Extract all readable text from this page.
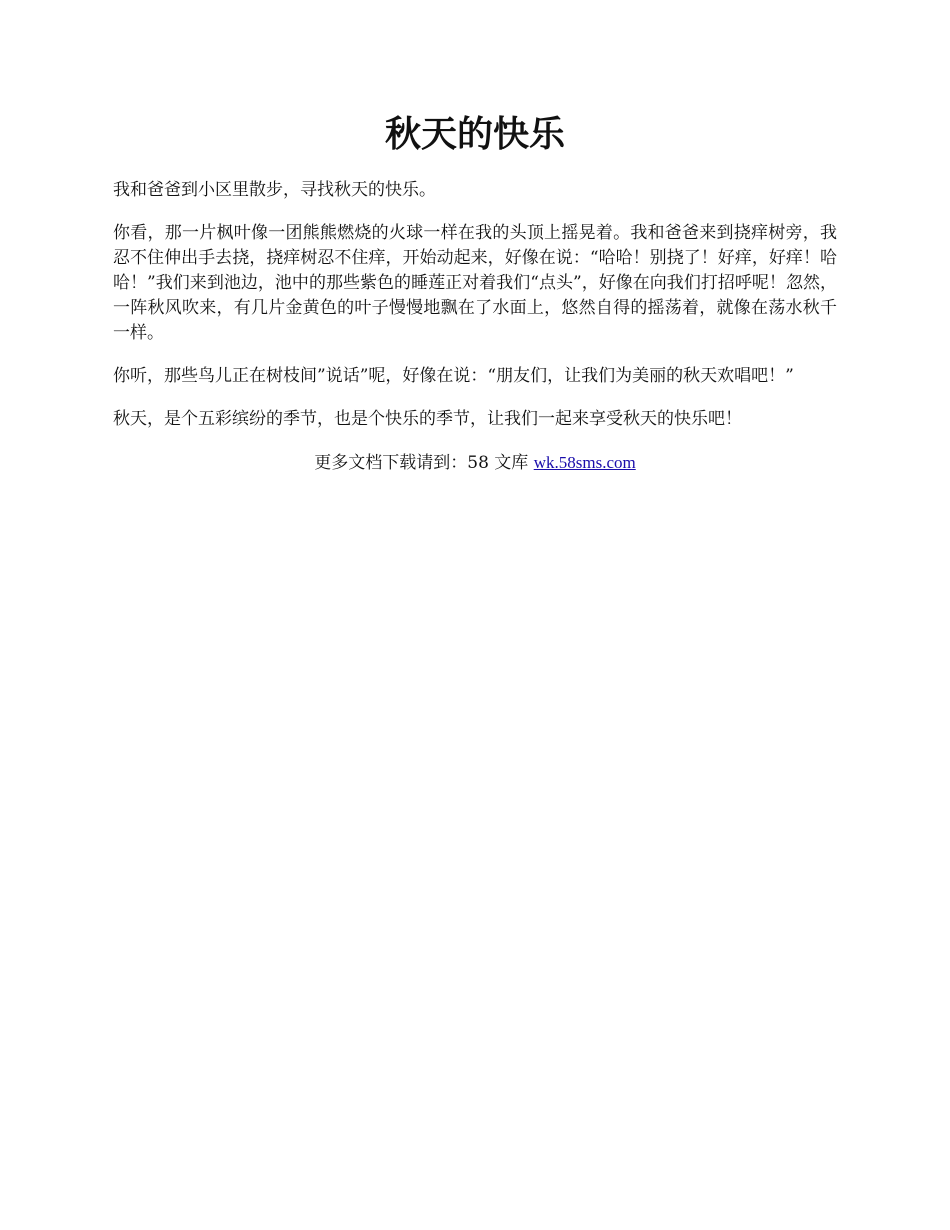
秋天的快乐

我和爸爸到小区里散步，寻找秋天的快乐。

你看，那一片枫叶像一团熊熊燃烧的火球一样在我的头顶上摇晃着。我和爸爸来到挠痒树旁，我忍不住伸出手去挠，挠痒树忍不住痒，开始动起来，好像在说：“哈哈！别挠了！好痒，好痒！哈哈！”我们来到池边，池中的那些紫色的睡莲正对着我们“点头”，好像在向我们打招呼呢！忽然，一阵秋风吹来，有几片金黄色的叶子慢慢地飘在了水面上，悠然自得的摇荡着，就像在荡水秋千一样。

你听，那些鸟儿正在树枝间”说话”呢，好像在说：“朋友们，让我们为美丽的秋天欢唱吧！”

秋天，是个五彩缤纷的季节，也是个快乐的季节，让我们一起来享受秋天的快乐吧！

更多文档下载请到：58 文库 wk.58sms.com
